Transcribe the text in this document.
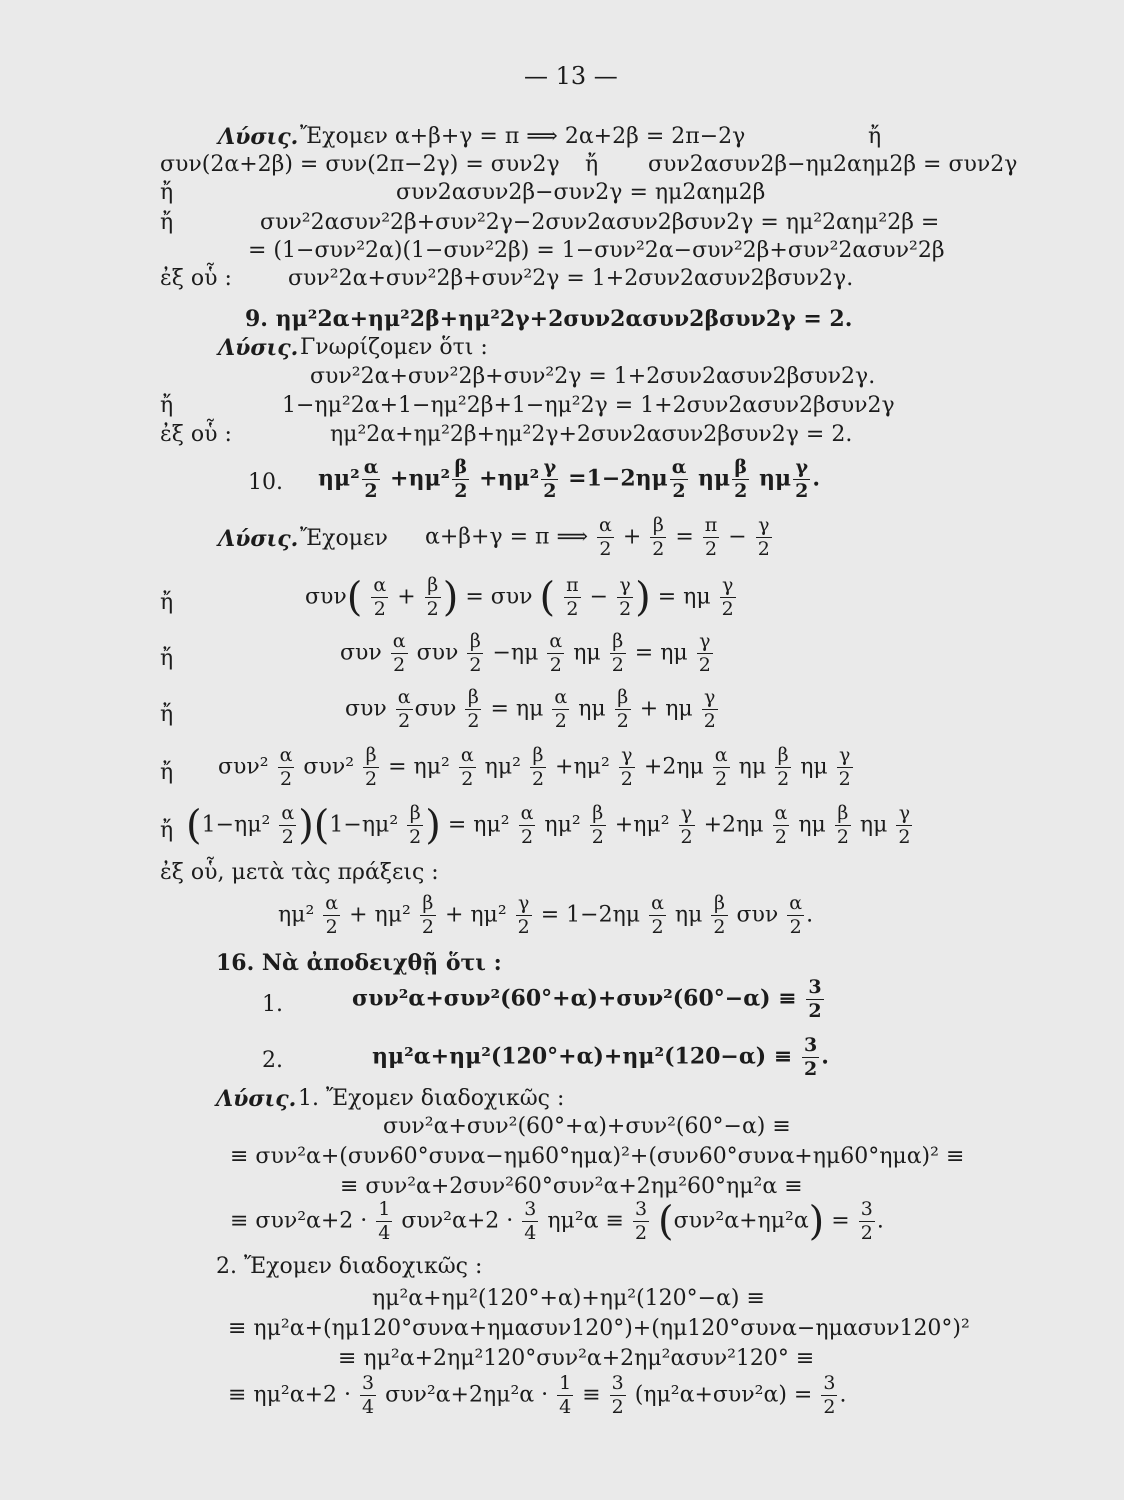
— 13 —
Λύσις. Ἔχομεν α+β+γ = π ⟹ 2α+2β = 2π−2γ	ἤ
συν(2α+2β) = συν(2π−2γ) = συν2γ ἤ συν2ασυν2β−ημ2αημ2β = συν2γ
ἤ	συν2ασυν2β−συν2γ = ημ2αημ2β
ἤ	συν²2ασυν²2β+συν²2γ−2συν2ασυν2βσυν2γ = ημ²2αημ²2β =
= (1−συν²2α)(1−συν²2β) = 1−συν²2α−συν²2β+συν²2ασυν²2β
ἐξ οὗ :	συν²2α+συν²2β+συν²2γ = 1+2συν2ασυν2βσυν2γ.
9. ημ²2α+ημ²2β+ημ²2γ+2συν2ασυν2βσυν2γ = 2.
Λύσις. Γνωρίζομεν ὅτι :
συν²2α+συν²2β+συν²2γ = 1+2συν2ασυν2βσυν2γ.
ἤ	1−ημ²2α+1−ημ²2β+1−ημ²2γ = 1+2συν2ασυν2βσυν2γ
ἐξ οὗ :	ημ²2α+ημ²2β+ημ²2γ+2συν2ασυν2βσυν2γ = 2.
10. $\eta\mu^2 \frac{\alpha}{2} +\eta\mu^2 \frac{\beta}{2} +\eta\mu^2 \frac{\gamma}{2} =1-2\eta\mu \frac{\alpha}{2}$ ημ $\frac{\beta}{2}$ ημ $\frac{\gamma}{2}$ .
Λύσις. Ἔχομεν α+β+γ = π ⟹ $\frac{\alpha}{2} + \frac{\beta}{2} = \frac{\pi}{2} - \frac{\gamma}{2}$
ἤ	$\sigma\upsilon\nu( \frac{\alpha}{2} + \frac{\beta}{2}$ ) = συν ( $\frac{\pi}{2} - \frac{\gamma}{2}$ ) = ημ $\frac{\gamma}{2}$
ἤ	συν $\frac{\alpha}{2}$ συν $\frac{\beta}{2} -\eta\mu \frac{\alpha}{2}$ ημ $\frac{\beta}{2} = \eta\mu \frac{\gamma}{2}$
ἤ	συν $\frac{\alpha}{2}$ συν $\frac{\beta}{2} = \eta\mu \frac{\alpha}{2}$ ημ $\frac{\beta}{2} + \eta\mu \frac{\gamma}{2}$
ἤ $\sigma\upsilon\nu^2 \frac{\alpha}{2} \sigma\upsilon\nu^2 \frac{\beta}{2} = \eta\mu^2 \frac{\alpha}{2} \eta\mu^2 \frac{\beta}{2} +\eta\mu^2 \frac{\gamma}{2} +2\eta\mu \frac{\alpha}{2}$ ημ $\frac{\beta}{2}$ ημ $\frac{\gamma}{2}$
ἤ $(1-\eta\mu^2 \frac{\alpha}{2} )(1-\eta\mu^2 \frac{\beta}{2}$ ) = $\eta\mu^2 \frac{\alpha}{2} \eta\mu^2 \frac{\beta}{2} +\eta\mu^2 \frac{\gamma}{2} +2\eta\mu \frac{\alpha}{2}$ ημ $\frac{\beta}{2}$ ημ $\frac{\gamma}{2}$
ἐξ οὗ, μετὰ τὰς πράξεις :
$\eta\mu^2 \frac{\alpha}{2} + \eta\mu^2 \frac{\beta}{2} + \eta\mu^2 \frac{\gamma}{2} = 1-2\eta\mu \frac{\alpha}{2}$ ημ $\frac{\beta}{2}$ συν $\frac{\alpha}{2}$ .
16. Νὰ ἀποδειχθῇ ὅτι :
1.	$\sigma\upsilon\nu^2\alpha+\sigma\upsilon\nu^2(60^\circ+\alpha)+\sigma\upsilon\nu^2(60^\circ-\alpha) \equiv \frac{3}{2}$
2.	$\eta\mu^2\alpha+\eta\mu^2(120^\circ+\alpha)+\eta\mu^2(120-\alpha) \equiv \frac{3}{2}$ .
Λύσις. 1. Ἔχομεν διαδοχικῶς :
συν²α+συν²(60°+α)+συν²(60°−α) ≡
≡ συν²α+(συν60°συνα−ημ60°ημα)²+(συν60°συνα+ημ60°ημα)² ≡
≡ συν²α+2συν²60°συν²α+2ημ²60°ημ²α ≡
≡ $\sigma\upsilon\nu^2\alpha+2 \cdot \frac{1}{4} \sigma\upsilon\nu^2\alpha+2 \cdot \frac{3}{4} \eta\mu^2\alpha \equiv \frac{3}{2} (\sigma\upsilon\nu^2\alpha+\eta\mu^2\alpha) = \frac{3}{2}$ .
2. Ἔχομεν διαδοχικῶς :
ημ²α+ημ²(120°+α)+ημ²(120°−α) ≡
≡ ημ²α+(ημ120°συνα+ημασυν120°)+(ημ120°συνα−ημασυν120°)²
≡ ημ²α+2ημ²120°συν²α+2ημ²ασυν²120° ≡
≡ $\eta\mu^2\alpha+2 \cdot \frac{3}{4} \sigma\upsilon\nu^2\alpha+2\eta\mu^2\alpha \cdot \frac{1}{4} \equiv \frac{3}{2} (\eta\mu^2\alpha+\sigma\upsilon\nu^2\alpha) = \frac{3}{2}$ .
